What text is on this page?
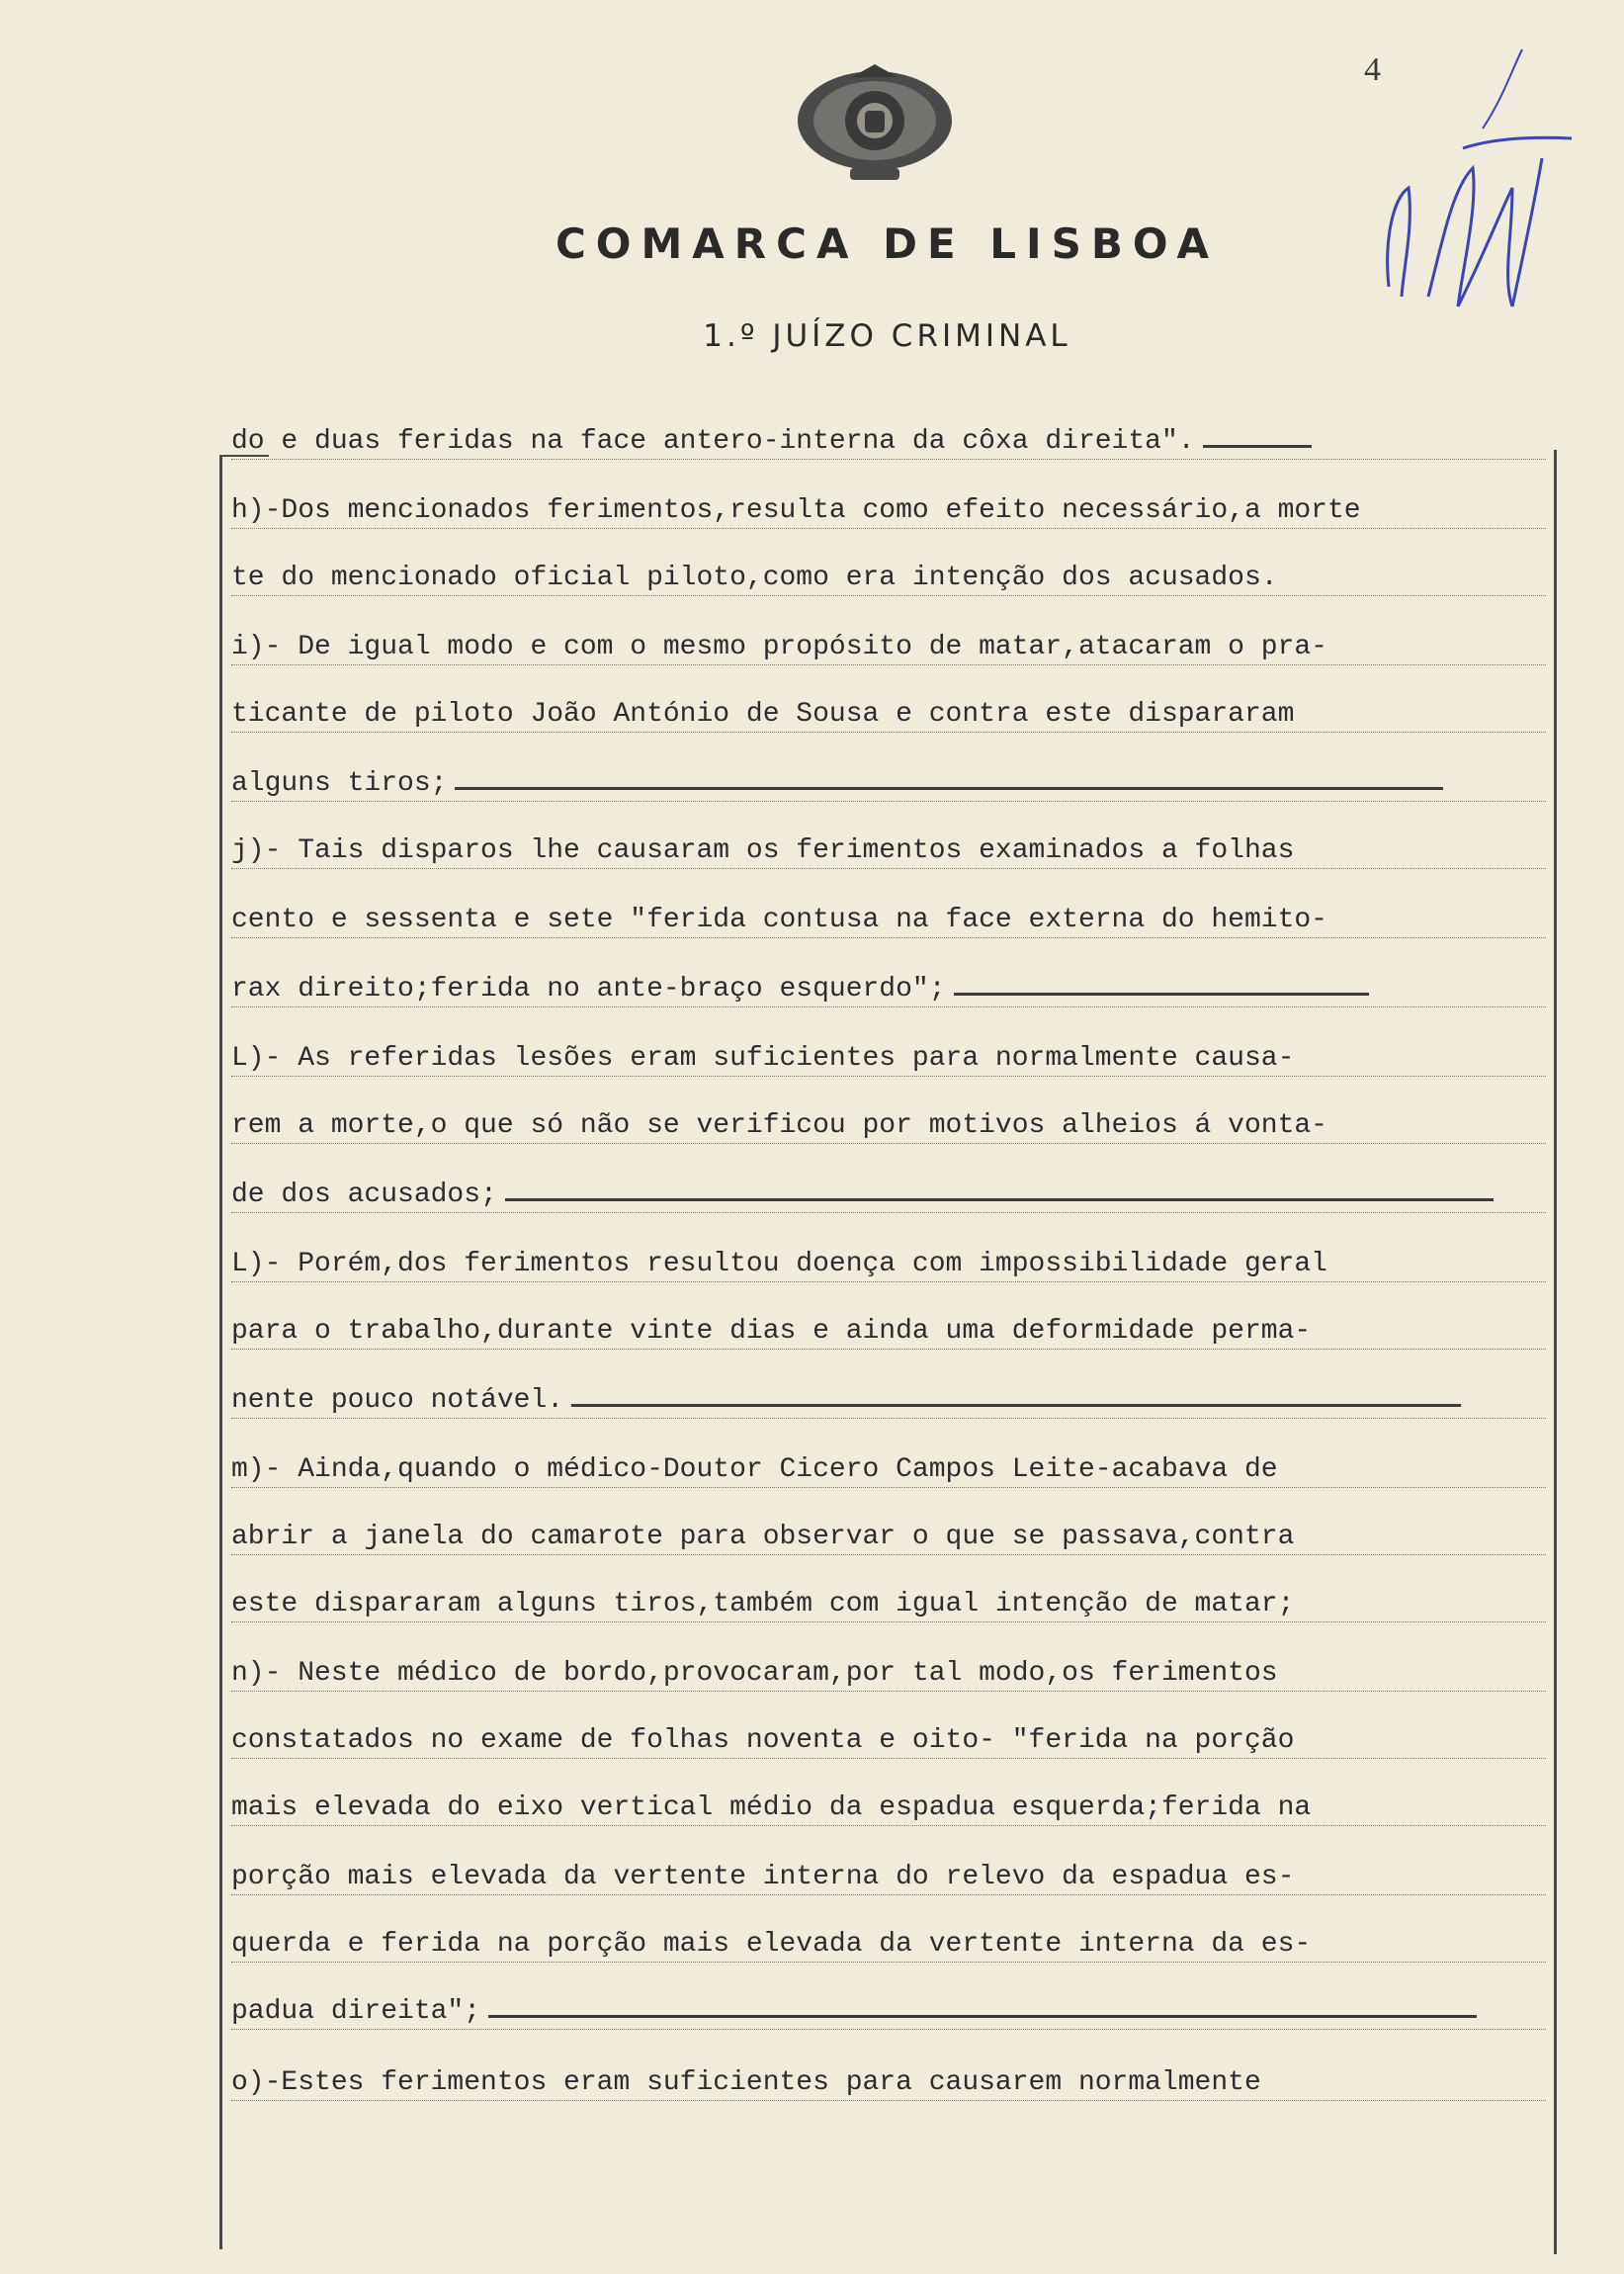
4
COMARCA DE LISBOA
1.º JUÍZO CRIMINAL
do e duas feridas na face antero-interna da côxa direita".
h)-Dos mencionados ferimentos,resulta como efeito necessário,a morte
te do mencionado oficial piloto,como era intenção dos acusados.
i)- De igual modo e com o mesmo propósito de matar,atacaram o pra-
ticante de piloto João António de Sousa e contra este dispararam
alguns tiros;
j)- Tais disparos lhe causaram os ferimentos examinados a folhas
cento e sessenta e sete "ferida contusa na face externa do hemito-
rax direito;ferida no ante-braço esquerdo";
L)- As referidas lesões eram suficientes para normalmente causa-
rem a morte,o que só não se verificou por motivos alheios á vonta-
de dos acusados;
L)- Porém,dos ferimentos resultou doença com impossibilidade geral
para o trabalho,durante vinte dias e ainda uma deformidade perma-
nente pouco notável.
m)- Ainda,quando o médico-Doutor Cicero Campos Leite-acabava de
abrir a janela do camarote para observar o que se passava,contra
este dispararam alguns tiros,também com igual intenção de matar;
n)- Neste médico de bordo,provocaram,por tal modo,os ferimentos
constatados no exame de folhas noventa e oito- "ferida na porção
mais elevada do eixo vertical médio da espadua esquerda;ferida na
porção mais elevada da vertente interna do relevo da espadua es-
querda e ferida na porção mais elevada da vertente interna da es-
padua direita";
o)-Estes ferimentos eram suficientes para causarem normalmente
